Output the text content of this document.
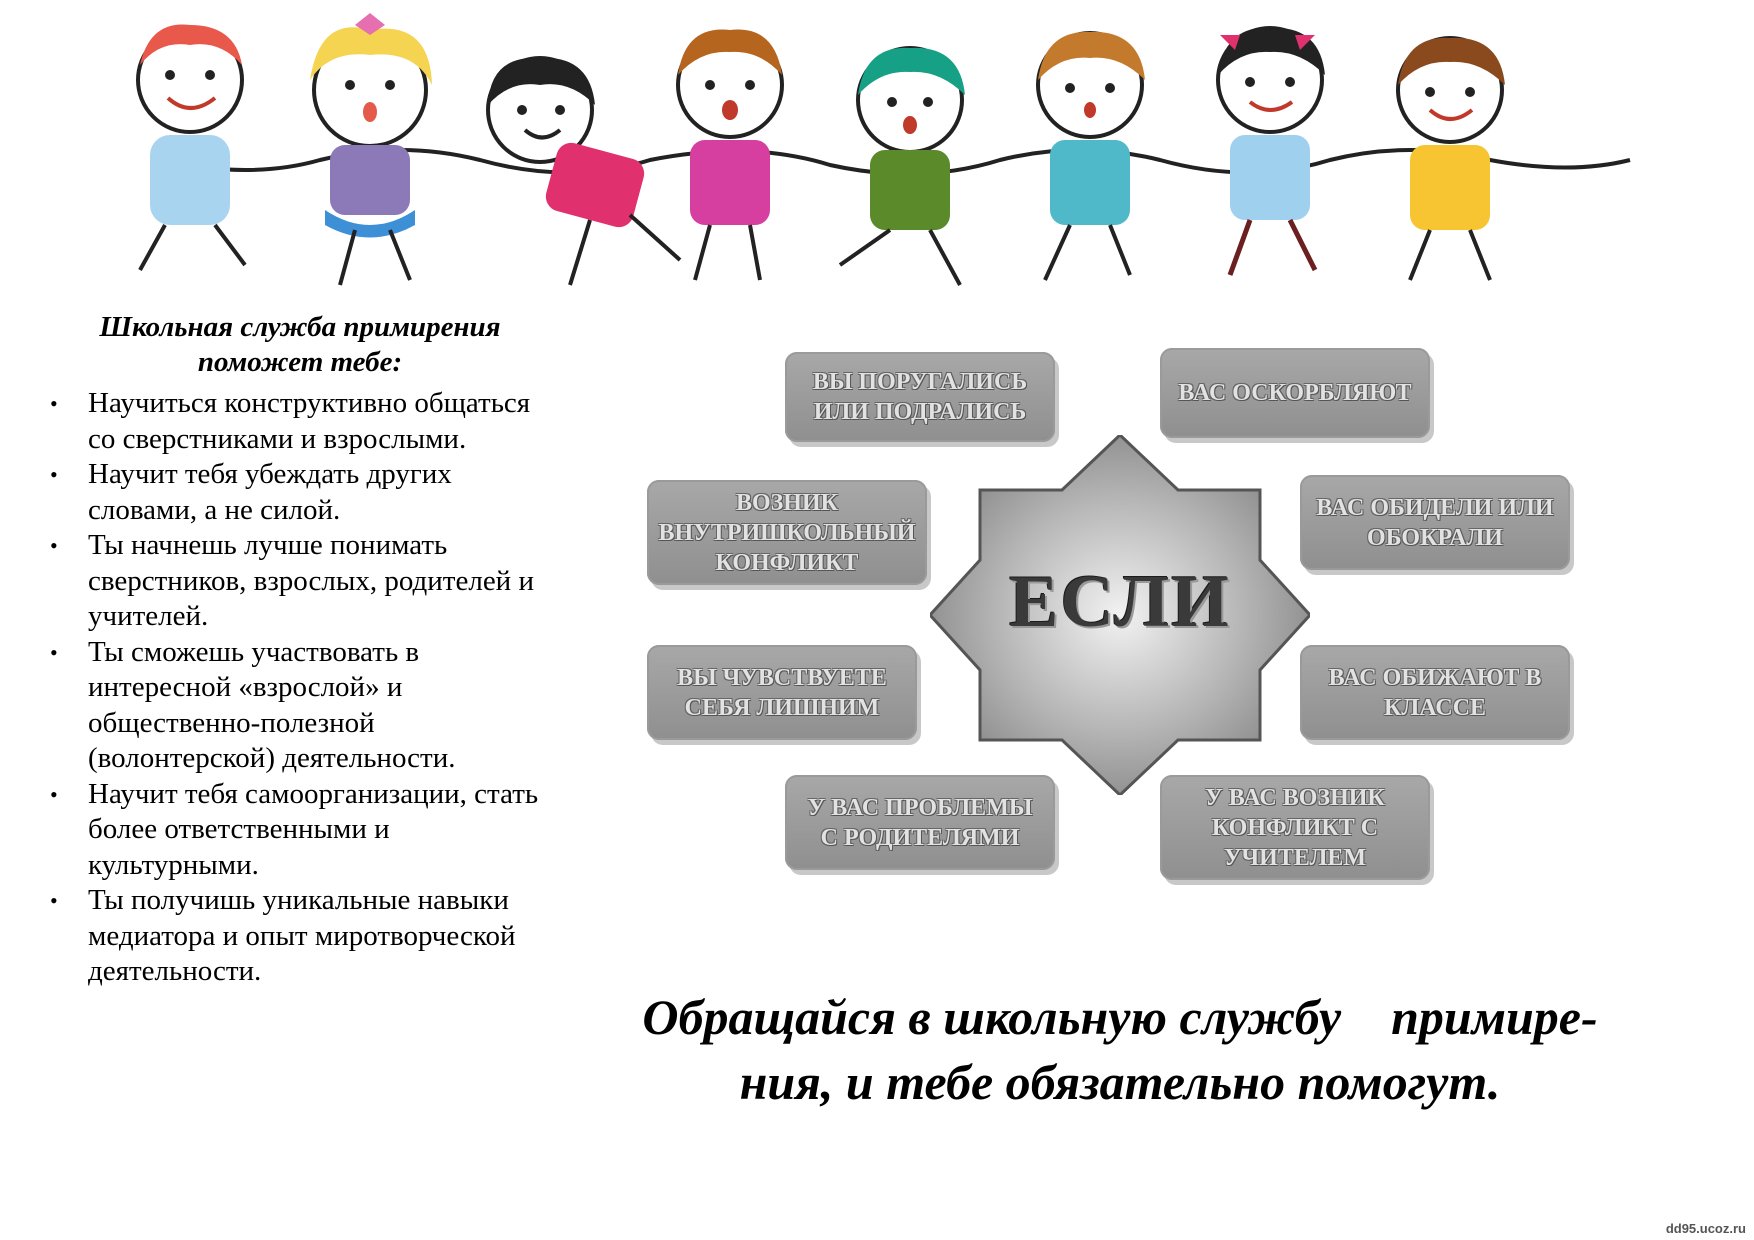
Школьная служба примирения поможет тебе:
• Научиться конструктивно общаться со сверстниками и взрослыми.
• Научит тебя убеждать других словами, а не силой.
• Ты начнешь лучше понимать сверстников, взрослых, родителей и учителей.
• Ты сможешь участвовать в интересной «взрослой» и общественно-полезной (волонтерской) деятельности.
• Научит тебя самоорганизации, стать более ответственными и культурными.
• Ты получишь уникальные навыки медиатора и опыт миротворческой деятельности.
ЕСЛИ
ВЫ ПОРУГАЛИСЬ ИЛИ ПОДРАЛИСЬ
ВАС ОСКОРБЛЯЮТ
ВОЗНИК ВНУТРИШКОЛЬНЫЙ КОНФЛИКТ
ВАС ОБИДЕЛИ ИЛИ ОБОКРАЛИ
ВЫ ЧУВСТВУЕТЕ СЕБЯ ЛИШНИМ
ВАС ОБИЖАЮТ В КЛАССЕ
У ВАС ПРОБЛЕМЫ С РОДИТЕЛЯМИ
У ВАС ВОЗНИК КОНФЛИКТ С УЧИТЕЛЕМ
Обращайся в школьную службу    примире-
ния, и тебе обязательно помогут.
dd95.ucoz.ru
